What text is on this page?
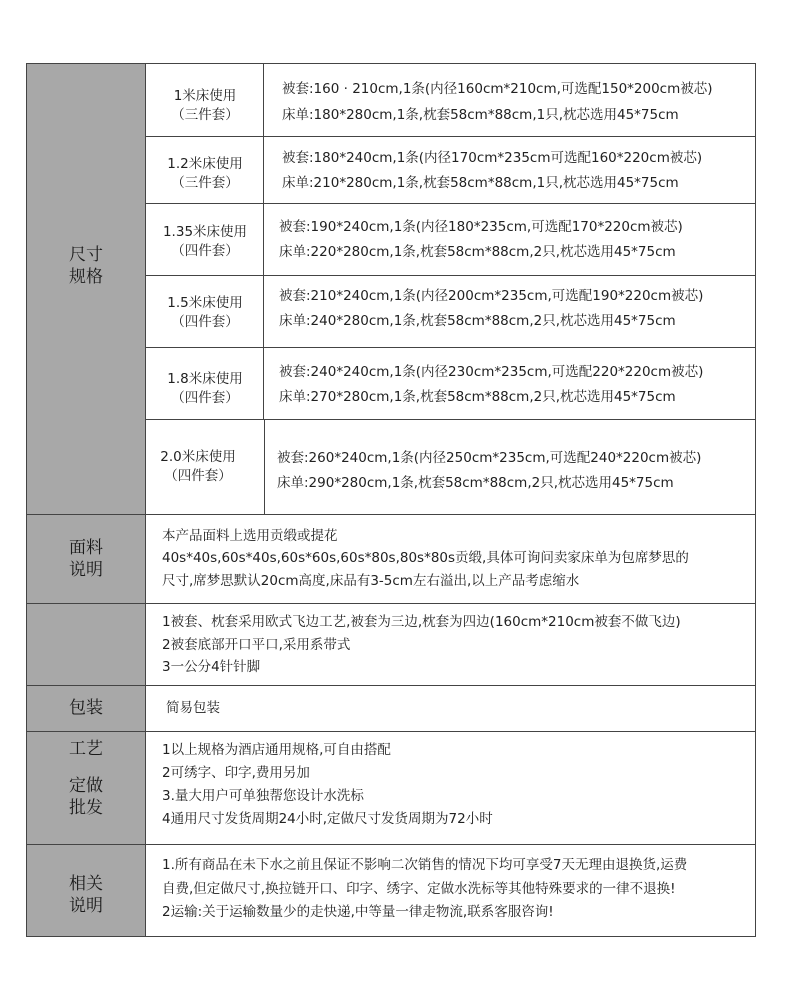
尺寸
规格
1米床使用
（三件套）
被套:160 · 210cm,1条(内径160cm*210cm,可选配150*200cm被芯)
床单:180*280cm,1条,枕套58cm*88cm,1只,枕芯选用45*75cm
1.2米床使用
（三件套）
被套:180*240cm,1条(内径170cm*235cm可选配160*220cm被芯)
床单:210*280cm,1条,枕套58cm*88cm,1只,枕芯选用45*75cm
1.35米床使用
（四件套）
被套:190*240cm,1条(内径180*235cm,可选配170*220cm被芯)
床单:220*280cm,1条,枕套58cm*88cm,2只,枕芯选用45*75cm
1.5米床使用
（四件套）
被套:210*240cm,1条(内径200cm*235cm,可选配190*220cm被芯)
床单:240*280cm,1条,枕套58cm*88cm,2只,枕芯选用45*75cm
1.8米床使用
（四件套）
被套:240*240cm,1条(内径230cm*235cm,可选配220*220cm被芯)
床单:270*280cm,1条,枕套58cm*88cm,2只,枕芯选用45*75cm
2.0米床使用
（四件套）
被套:260*240cm,1条(内径250cm*235cm,可选配240*220cm被芯)
床单:290*280cm,1条,枕套58cm*88cm,2只,枕芯选用45*75cm
面料
说明
本产品面料上选用贡缎或提花
40s*40s,60s*40s,60s*60s,60s*80s,80s*80s贡缎,具体可询问卖家床单为包席梦思的
尺寸,席梦思默认20cm高度,床品有3-5cm左右溢出,以上产品考虑缩水
1被套、枕套采用欧式飞边工艺,被套为三边,枕套为四边(160cm*210cm被套不做飞边)
2被套底部开口平口,采用系带式
3一公分4针针脚
包装	简易包装
工艺
定做
批发
1以上规格为酒店通用规格,可自由搭配
2可绣字、印字,费用另加
3.量大用户可单独帮您设计水洗标
4通用尺寸发货周期24小时,定做尺寸发货周期为72小时
相关
说明
1.所有商品在未下水之前且保证不影响二次销售的情况下均可享受7天无理由退换货,运费
自费,但定做尺寸,换拉链开口、印字、绣字、定做水洗标等其他特殊要求的一律不退换!
2运输:关于运输数量少的走快递,中等量一律走物流,联系客服咨询!
